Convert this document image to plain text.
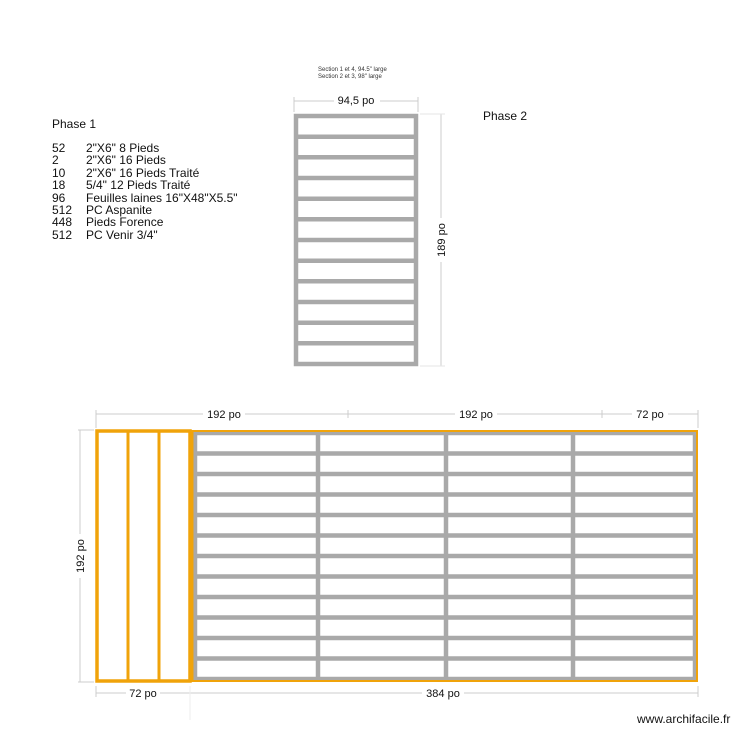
Section 1 et 4, 94.5" large
Section 2 et 3, 98" large
Phase 1
Phase 2
52	2"X6" 8 Pieds
2	2"X6" 16 Pieds
10	2"X6" 16 Pieds Traité
18	5/4" 12 Pieds Traité
96	Feuilles laines 16"X48"X5.5"
512	PC Aspanite
448	Pieds Forence
512	PC Venir 3/4"
94,5 po
189 po
192 po	192 po	72 po
72 po	384 po
192 po
www.archifacile.fr
